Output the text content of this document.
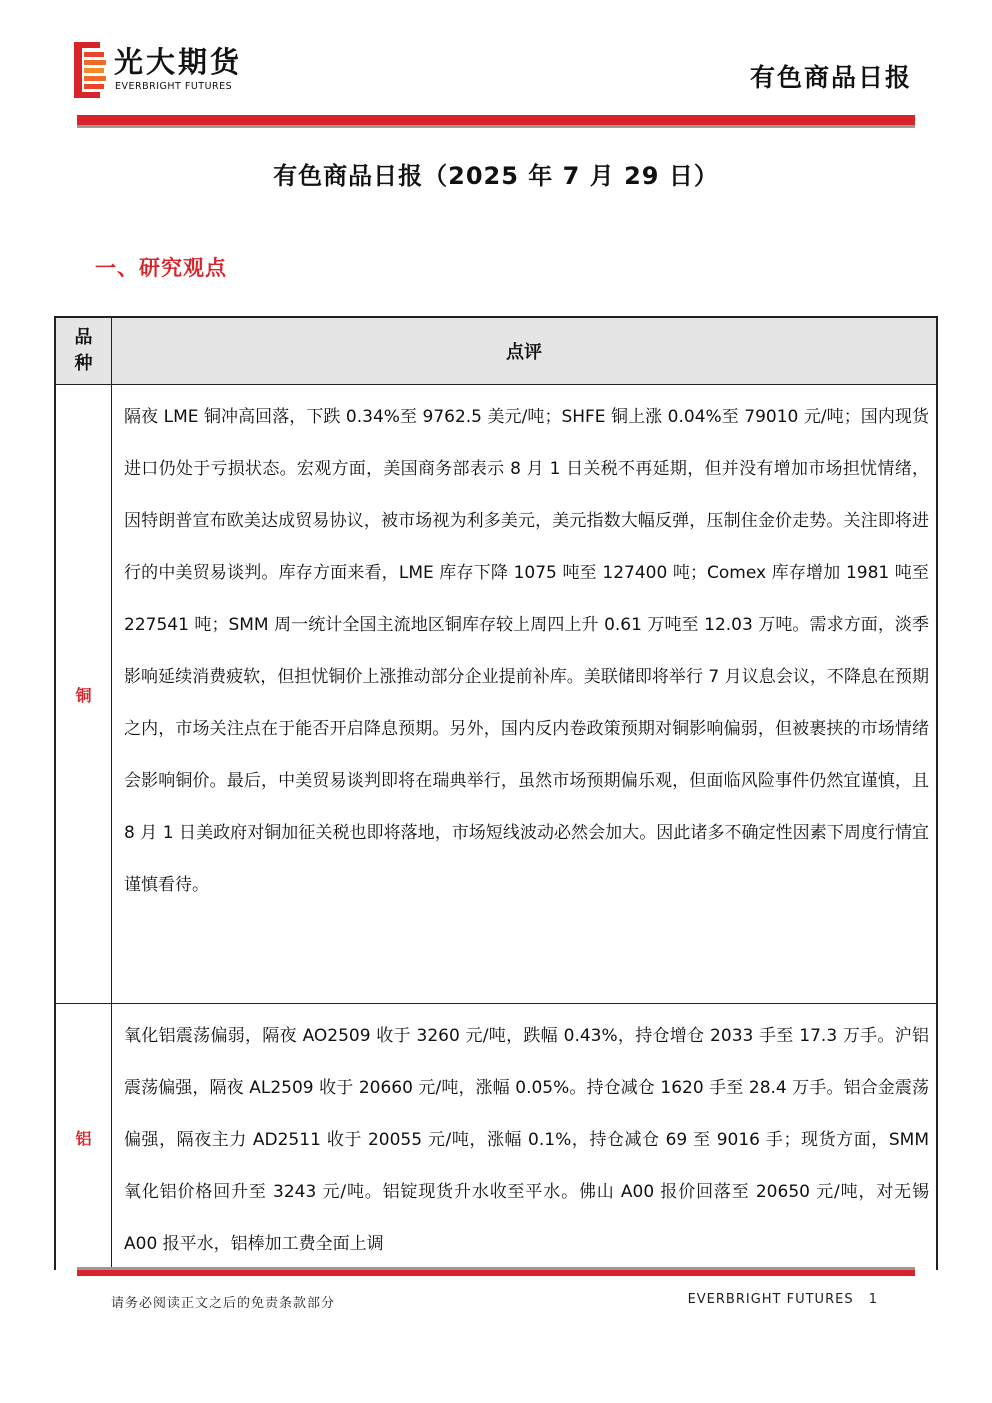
光大期货
EVERBRIGHT FUTURES	有色商品日报
有色商品日报（2025 年 7 月 29 日）
一、研究观点
品种
点评
铜
隔夜 LME 铜冲高回落，下跌 0.34%至 9762.5 美元/吨；SHFE 铜上涨 0.04%至 79010 元/吨；国内现货进口仍处于亏损状态。宏观方面，美国商务部表示 8 月 1 日关税不再延期，但并没有增加市场担忧情绪，因特朗普宣布欧美达成贸易协议，被市场视为利多美元，美元指数大幅反弹，压制住金价走势。关注即将进行的中美贸易谈判。库存方面来看，LME 库存下降 1075 吨至 127400 吨；Comex 库存增加 1981 吨至 227541 吨；SMM 周一统计全国主流地区铜库存较上周四上升 0.61 万吨至 12.03 万吨。需求方面，淡季影响延续消费疲软，但担忧铜价上涨推动部分企业提前补库。美联储即将举行 7 月议息会议，不降息在预期之内，市场关注点在于能否开启降息预期。另外，国内反内卷政策预期对铜影响偏弱，但被裹挟的市场情绪会影响铜价。最后，中美贸易谈判即将在瑞典举行，虽然市场预期偏乐观，但面临风险事件仍然宜谨慎，且 8 月 1 日美政府对铜加征关税也即将落地，市场短线波动必然会加大。因此诸多不确定性因素下周度行情宜谨慎看待。
铝
氧化铝震荡偏弱，隔夜 AO2509 收于 3260 元/吨，跌幅 0.43%，持仓增仓 2033 手至 17.3 万手。沪铝震荡偏强，隔夜 AL2509 收于 20660 元/吨，涨幅 0.05%。持仓减仓 1620 手至 28.4 万手。铝合金震荡偏强，隔夜主力 AD2511 收于 20055 元/吨，涨幅 0.1%，持仓减仓 69 至 9016 手；现货方面，SMM 氧化铝价格回升至 3243 元/吨。铝锭现货升水收至平水。佛山 A00 报价回落至 20650 元/吨，对无锡 A00 报平水，铝棒加工费全面上调
请务必阅读正文之后的免责条款部分	EVERBRIGHT FUTURES 1
